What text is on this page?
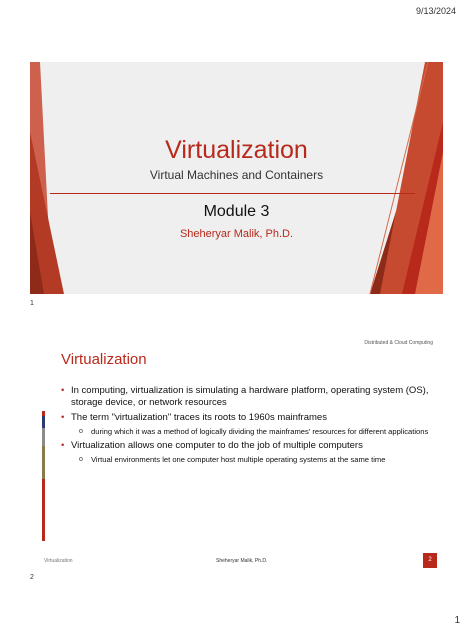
9/13/2024
Virtualization
Virtual Machines and Containers
Module 3
Sheheryar Malik, Ph.D.
1
Distributed & Cloud Computing
Virtualization
• In computing, virtualization is simulating a hardware platform, operating system (OS), storage device, or network resources
• The term "virtualization" traces its roots to 1960s mainframes
o during which it was a method of logically dividing the mainframes' resources for different applications
• Virtualization allows one computer to do the job of multiple computers
o Virtual environments let one computer host multiple operating systems at the same time
Virtualization	Sheheryar Malik, Ph.D.	2
2
1
